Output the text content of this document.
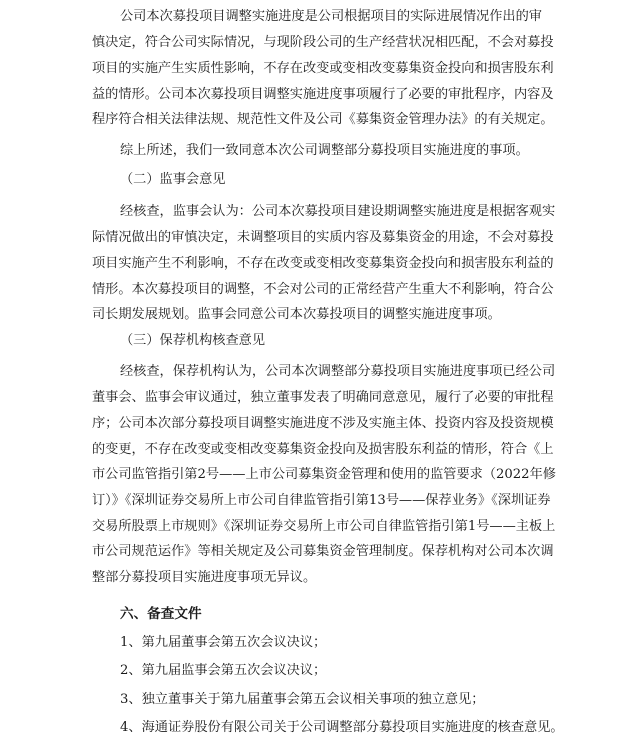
公司本次募投项目调整实施进度是公司根据项目的实际进展情况作出的审
慎决定，符合公司实际情况，与现阶段公司的生产经营状况相匹配，不会对募投
项目的实施产生实质性影响，不存在改变或变相改变募集资金投向和损害股东利
益的情形。公司本次募投项目调整实施进度事项履行了必要的审批程序，内容及
程序符合相关法律法规、规范性文件及公司《募集资金管理办法》的有关规定。
综上所述，我们一致同意本次公司调整部分募投项目实施进度的事项。
（二）监事会意见
经核查，监事会认为：公司本次募投项目建设期调整实施进度是根据客观实
际情况做出的审慎决定，未调整项目的实质内容及募集资金的用途，不会对募投
项目实施产生不利影响，不存在改变或变相改变募集资金投向和损害股东利益的
情形。本次募投项目的调整，不会对公司的正常经营产生重大不利影响，符合公
司长期发展规划。监事会同意公司本次募投项目的调整实施进度事项。
（三）保荐机构核查意见
经核查，保荐机构认为，公司本次调整部分募投项目实施进度事项已经公司
董事会、监事会审议通过，独立董事发表了明确同意意见，履行了必要的审批程
序；公司本次部分募投项目调整实施进度不涉及实施主体、投资内容及投资规模
的变更，不存在改变或变相改变募集资金投向及损害股东利益的情形，符合《上
市公司监管指引第2号——上市公司募集资金管理和使用的监管要求（2022年修
订）》《深圳证券交易所上市公司自律监管指引第13号——保荐业务》《深圳证券
交易所股票上市规则》《深圳证券交易所上市公司自律监管指引第1号——主板上
市公司规范运作》等相关规定及公司募集资金管理制度。保荐机构对公司本次调
整部分募投项目实施进度事项无异议。
六、备查文件
1、第九届董事会第五次会议决议；
2、第九届监事会第五次会议决议；
3、独立董事关于第九届董事会第五会议相关事项的独立意见；
4、海通证券股份有限公司关于公司调整部分募投项目实施进度的核查意见。
